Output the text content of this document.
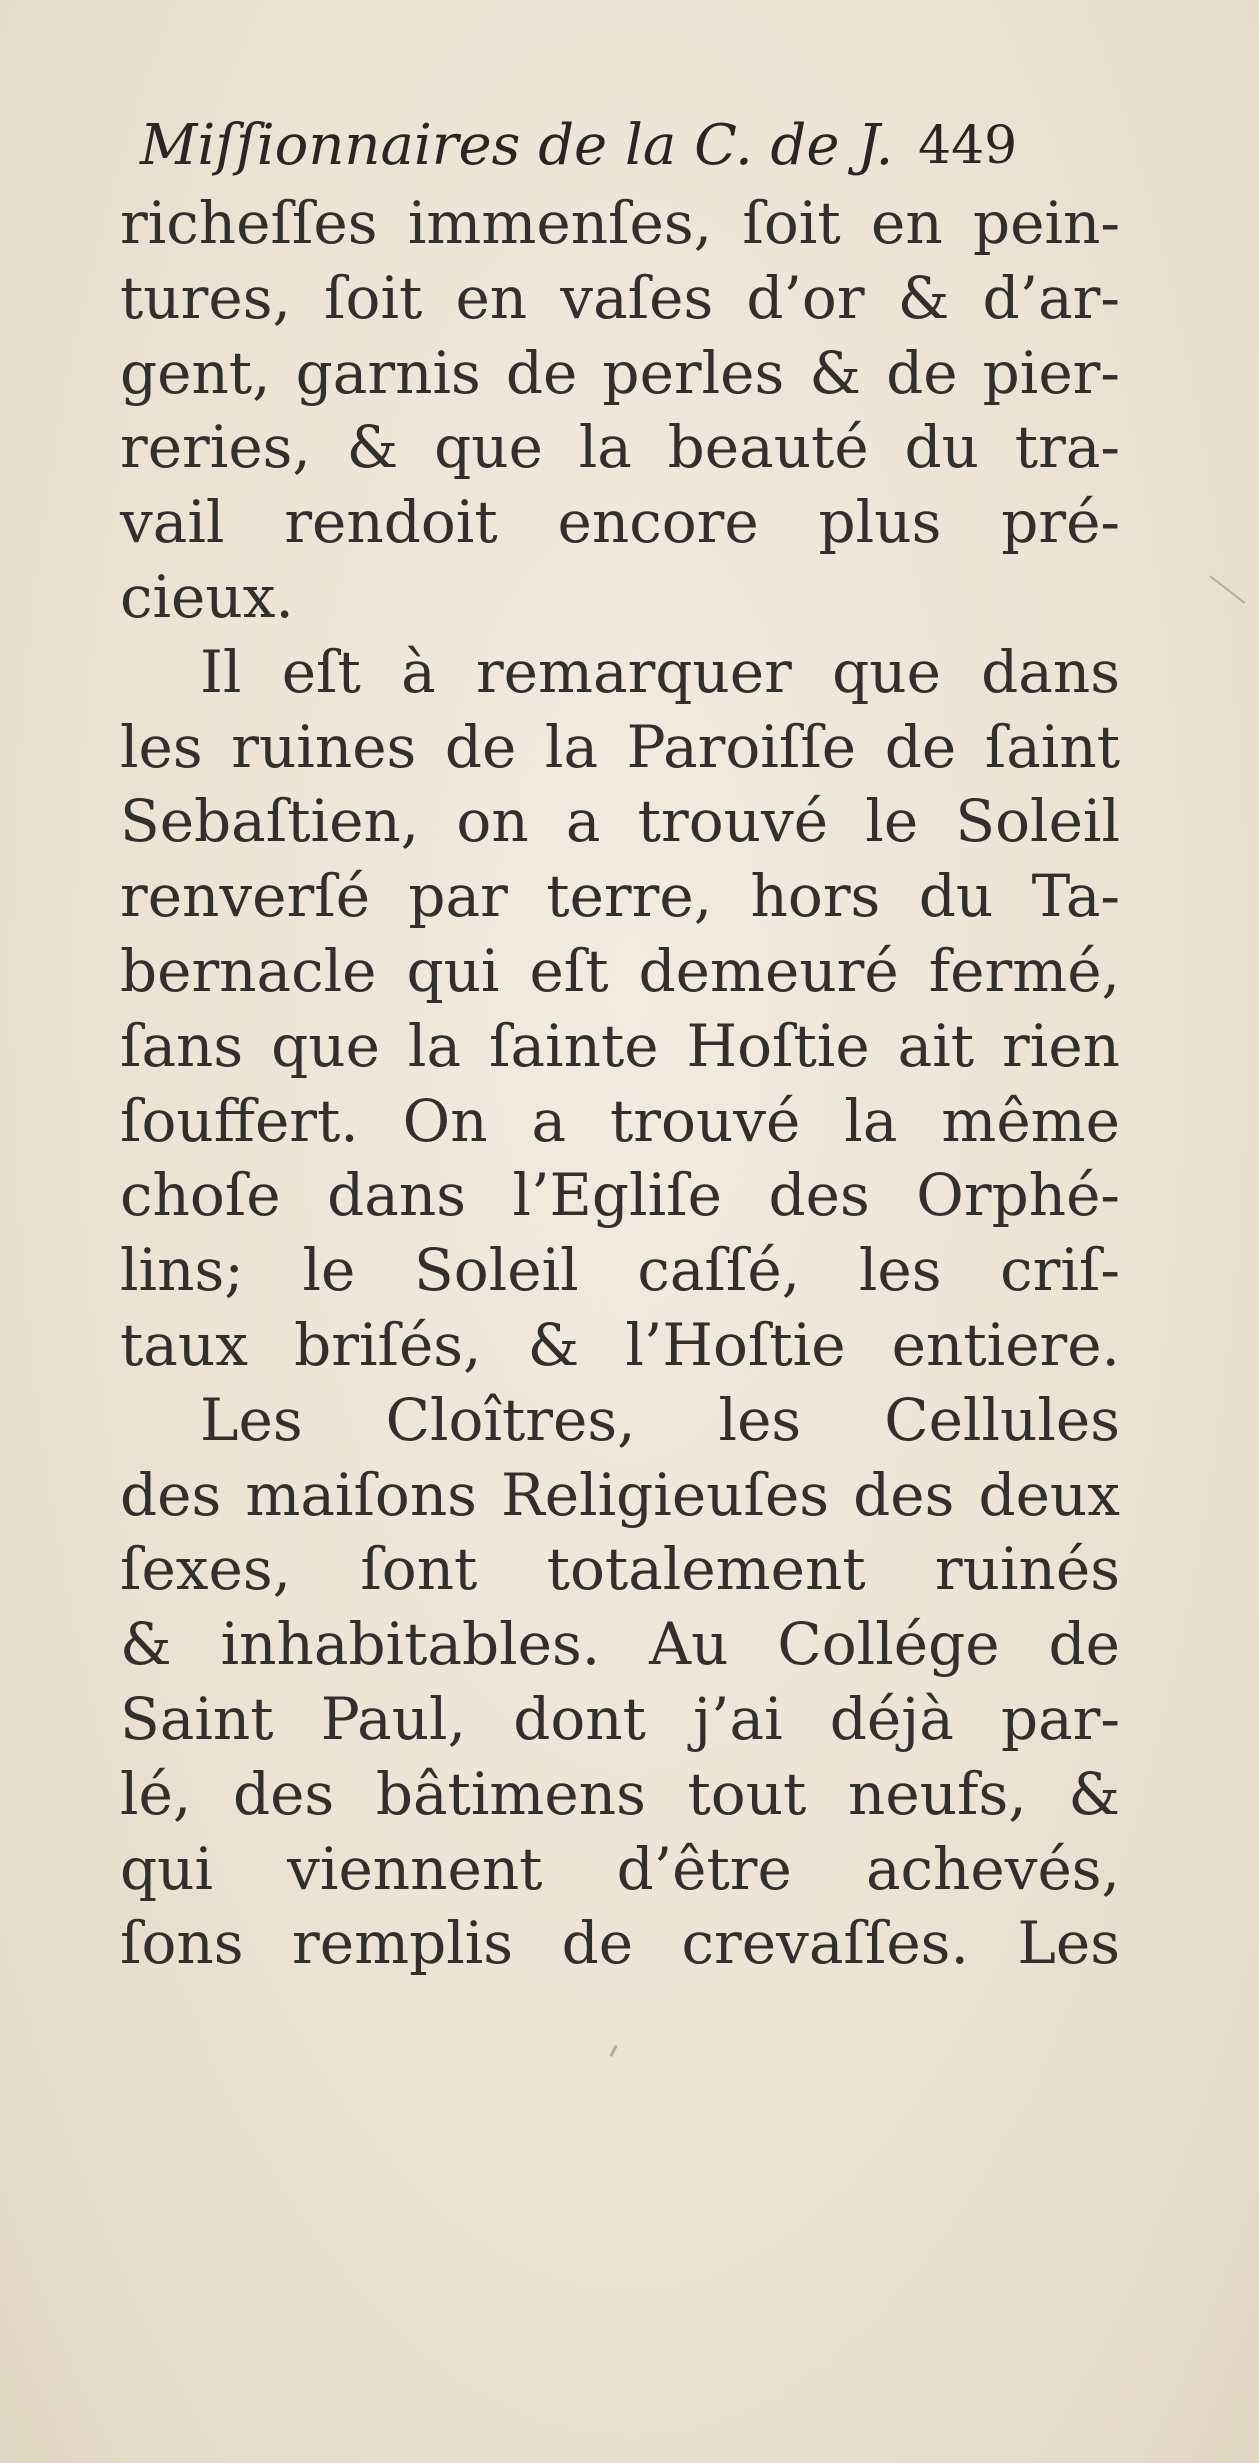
Miſſionnaires de la C. de J. 449
richeſſes immenſes, ſoit en pein-
tures, ſoit en vaſes d’or & d’ar-
gent, garnis de perles & de pier-
reries, & que la beauté du tra-
vail rendoit encore plus pré-
cieux.
Il eſt à remarquer que dans
les ruines de la Paroiſſe de ſaint
Sebaſtien, on a trouvé le Soleil
renverſé par terre, hors du Ta-
bernacle qui eſt demeuré fermé,
ſans que la ſainte Hoſtie ait rien
ſouffert. On a trouvé la même
choſe dans l’Egliſe des Orphé-
lins; le Soleil caſſé, les criſ-
taux briſés, & l’Hoſtie entiere.
Les Cloîtres, les Cellules
des maiſons Religieuſes des deux
ſexes, ſont totalement ruinés
& inhabitables. Au Collége de
Saint Paul, dont j’ai déjà par-
lé, des bâtimens tout neufs, &
qui viennent d’être achevés,
ſons remplis de crevaſſes. Les
